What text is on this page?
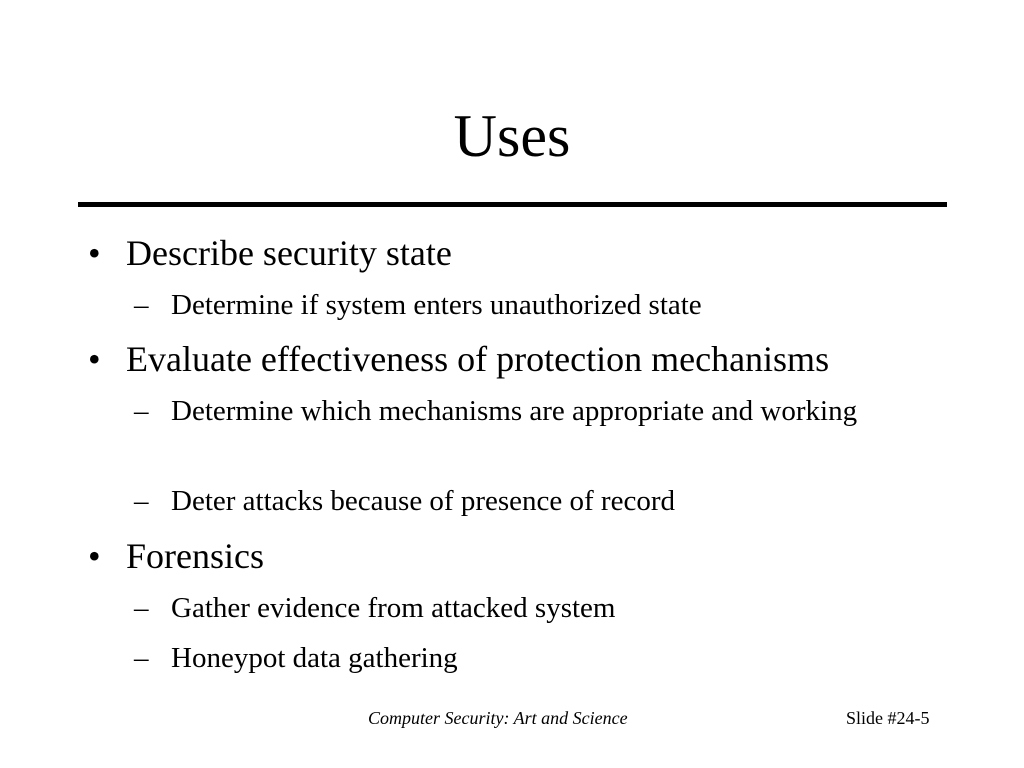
Uses
• Describe security state
– Determine if system enters unauthorized state
• Evaluate effectiveness of protection mechanisms
– Determine which mechanisms are appropriate and working
– Deter attacks because of presence of record
• Forensics
– Gather evidence from attacked system
– Honeypot data gathering
Computer Security: Art and Science	Slide #24-5
